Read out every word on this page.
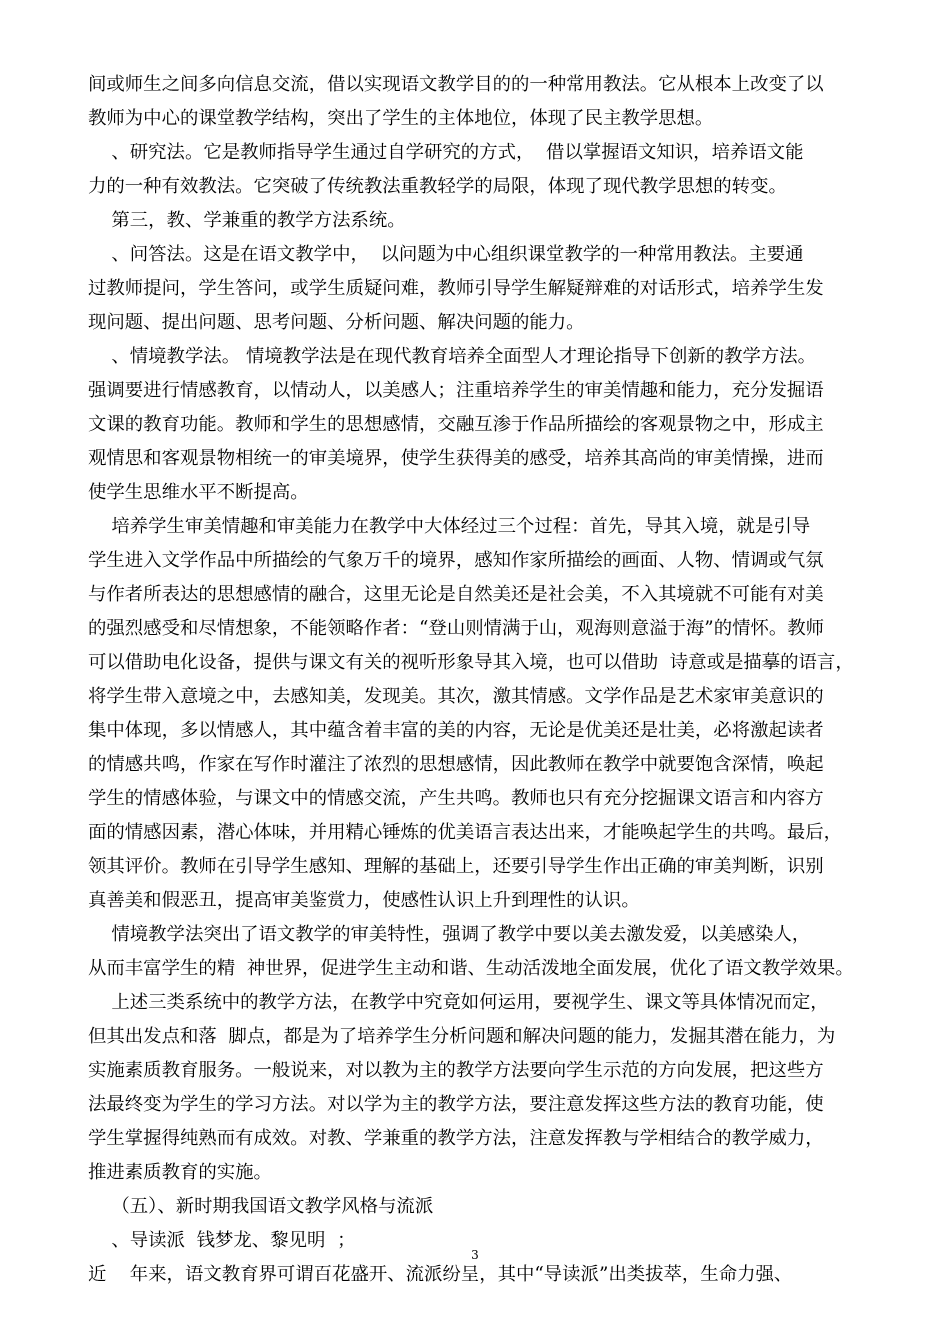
间或师生之间多向信息交流，借以实现语文教学目的的一种常用教法。它从根本上改变了以
教师为中心的课堂教学结构，突出了学生的主体地位，体现了民主教学思想。
、研究法。它是教师指导学生通过自学研究的方式，  借以掌握语文知识，培养语文能
力的一种有效教法。它突破了传统教法重教轻学的局限，体现了现代教学思想的转变。
第三，教、学兼重的教学方法系统。
、问答法。这是在语文教学中，  以问题为中心组织课堂教学的一种常用教法。主要通
过教师提问，学生答问，或学生质疑问难，教师引导学生解疑辩难的对话形式，培养学生发
现问题、提出问题、思考问题、分析问题、解决问题的能力。
、情境教学法。 情境教学法是在现代教育培养全面型人才理论指导下创新的教学方法。
强调要进行情感教育，以情动人，以美感人；注重培养学生的审美情趣和能力，充分发掘语
文课的教育功能。教师和学生的思想感情，交融互渗于作品所描绘的客观景物之中，形成主
观情思和客观景物相统一的审美境界，使学生获得美的感受，培养其高尚的审美情操，进而
使学生思维水平不断提高。
培养学生审美情趣和审美能力在教学中大体经过三个过程：首先，导其入境，就是引导
学生进入文学作品中所描绘的气象万千的境界，感知作家所描绘的画面、人物、情调或气氛
与作者所表达的思想感情的融合，这里无论是自然美还是社会美，不入其境就不可能有对美
的强烈感受和尽情想象，不能领略作者：“登山则情满于山，观海则意溢于海”的情怀。教师
可以借助电化设备，提供与课文有关的视听形象导其入境，也可以借助  诗意或是描摹的语言，
将学生带入意境之中，去感知美，发现美。其次，激其情感。文学作品是艺术家审美意识的
集中体现，多以情感人，其中蕴含着丰富的美的内容，无论是优美还是壮美，必将激起读者
的情感共鸣，作家在写作时灌注了浓烈的思想感情，因此教师在教学中就要饱含深情，唤起
学生的情感体验，与课文中的情感交流，产生共鸣。教师也只有充分挖掘课文语言和内容方
面的情感因素，潜心体味，并用精心锤炼的优美语言表达出来，才能唤起学生的共鸣。最后，
领其评价。教师在引导学生感知、理解的基础上，还要引导学生作出正确的审美判断，识别
真善美和假恶丑，提高审美鉴赏力，使感性认识上升到理性的认识。
情境教学法突出了语文教学的审美特性，强调了教学中要以美去激发爱，以美感染人，
从而丰富学生的精  神世界，促进学生主动和谐、生动活泼地全面发展，优化了语文教学效果。
上述三类系统中的教学方法，在教学中究竟如何运用，要视学生、课文等具体情况而定，
但其出发点和落  脚点，都是为了培养学生分析问题和解决问题的能力，发掘其潜在能力，为
实施素质教育服务。一般说来，对以教为主的教学方法要向学生示范的方向发展，把这些方
法最终变为学生的学习方法。对以学为主的教学方法，要注意发挥这些方法的教育功能，使
学生掌握得纯熟而有成效。对教、学兼重的教学方法，注意发挥教与学相结合的教学威力，
推进素质教育的实施。
（五）、新时期我国语文教学风格与流派
、导读派  钱梦龙、黎见明  ；
近    年来，语文教育界可谓百花盛开、流派纷呈，其中“导读派”出类拔萃，生命力强、
3
